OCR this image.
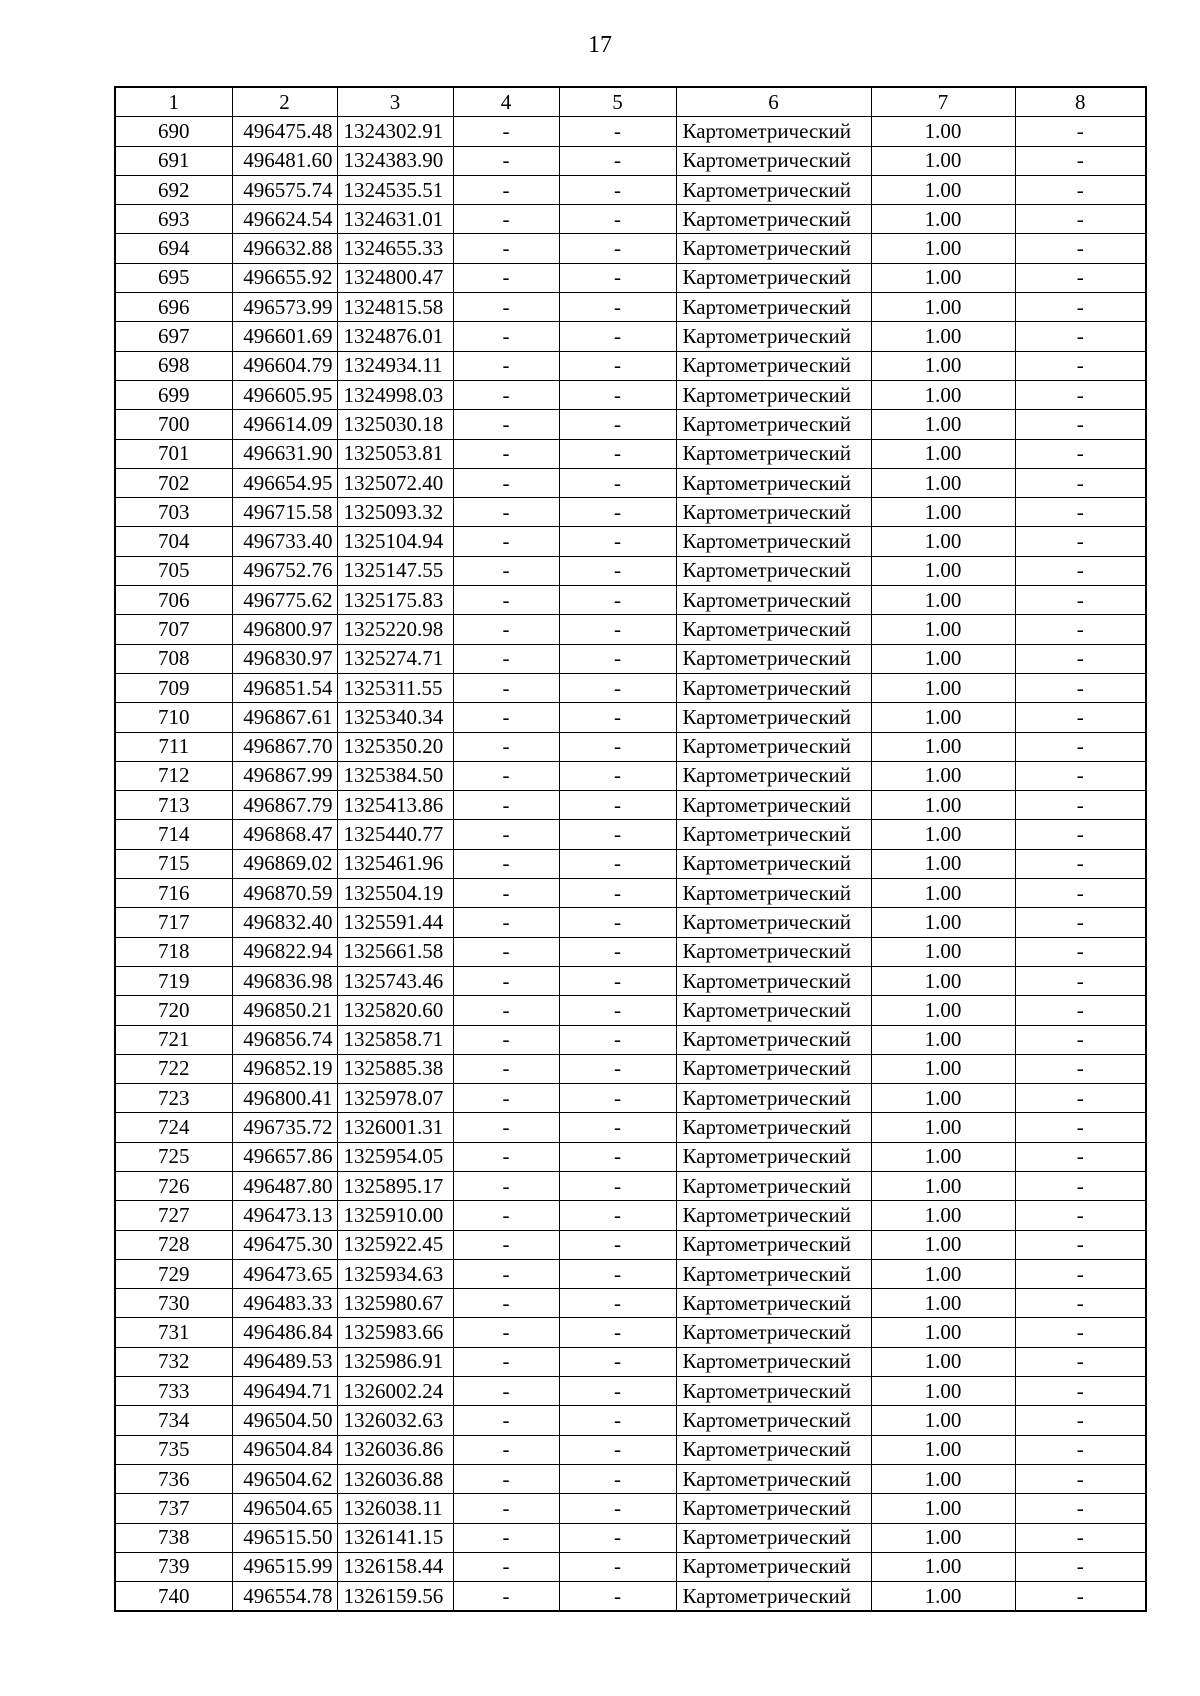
17
1	2	3	4	5	6	7	8
690	496475.48	1324302.91	-	-	Картометрический	1.00	-
691	496481.60	1324383.90	-	-	Картометрический	1.00	-
692	496575.74	1324535.51	-	-	Картометрический	1.00	-
693	496624.54	1324631.01	-	-	Картометрический	1.00	-
694	496632.88	1324655.33	-	-	Картометрический	1.00	-
695	496655.92	1324800.47	-	-	Картометрический	1.00	-
696	496573.99	1324815.58	-	-	Картометрический	1.00	-
697	496601.69	1324876.01	-	-	Картометрический	1.00	-
698	496604.79	1324934.11	-	-	Картометрический	1.00	-
699	496605.95	1324998.03	-	-	Картометрический	1.00	-
700	496614.09	1325030.18	-	-	Картометрический	1.00	-
701	496631.90	1325053.81	-	-	Картометрический	1.00	-
702	496654.95	1325072.40	-	-	Картометрический	1.00	-
703	496715.58	1325093.32	-	-	Картометрический	1.00	-
704	496733.40	1325104.94	-	-	Картометрический	1.00	-
705	496752.76	1325147.55	-	-	Картометрический	1.00	-
706	496775.62	1325175.83	-	-	Картометрический	1.00	-
707	496800.97	1325220.98	-	-	Картометрический	1.00	-
708	496830.97	1325274.71	-	-	Картометрический	1.00	-
709	496851.54	1325311.55	-	-	Картометрический	1.00	-
710	496867.61	1325340.34	-	-	Картометрический	1.00	-
711	496867.70	1325350.20	-	-	Картометрический	1.00	-
712	496867.99	1325384.50	-	-	Картометрический	1.00	-
713	496867.79	1325413.86	-	-	Картометрический	1.00	-
714	496868.47	1325440.77	-	-	Картометрический	1.00	-
715	496869.02	1325461.96	-	-	Картометрический	1.00	-
716	496870.59	1325504.19	-	-	Картометрический	1.00	-
717	496832.40	1325591.44	-	-	Картометрический	1.00	-
718	496822.94	1325661.58	-	-	Картометрический	1.00	-
719	496836.98	1325743.46	-	-	Картометрический	1.00	-
720	496850.21	1325820.60	-	-	Картометрический	1.00	-
721	496856.74	1325858.71	-	-	Картометрический	1.00	-
722	496852.19	1325885.38	-	-	Картометрический	1.00	-
723	496800.41	1325978.07	-	-	Картометрический	1.00	-
724	496735.72	1326001.31	-	-	Картометрический	1.00	-
725	496657.86	1325954.05	-	-	Картометрический	1.00	-
726	496487.80	1325895.17	-	-	Картометрический	1.00	-
727	496473.13	1325910.00	-	-	Картометрический	1.00	-
728	496475.30	1325922.45	-	-	Картометрический	1.00	-
729	496473.65	1325934.63	-	-	Картометрический	1.00	-
730	496483.33	1325980.67	-	-	Картометрический	1.00	-
731	496486.84	1325983.66	-	-	Картометрический	1.00	-
732	496489.53	1325986.91	-	-	Картометрический	1.00	-
733	496494.71	1326002.24	-	-	Картометрический	1.00	-
734	496504.50	1326032.63	-	-	Картометрический	1.00	-
735	496504.84	1326036.86	-	-	Картометрический	1.00	-
736	496504.62	1326036.88	-	-	Картометрический	1.00	-
737	496504.65	1326038.11	-	-	Картометрический	1.00	-
738	496515.50	1326141.15	-	-	Картометрический	1.00	-
739	496515.99	1326158.44	-	-	Картометрический	1.00	-
740	496554.78	1326159.56	-	-	Картометрический	1.00	-
